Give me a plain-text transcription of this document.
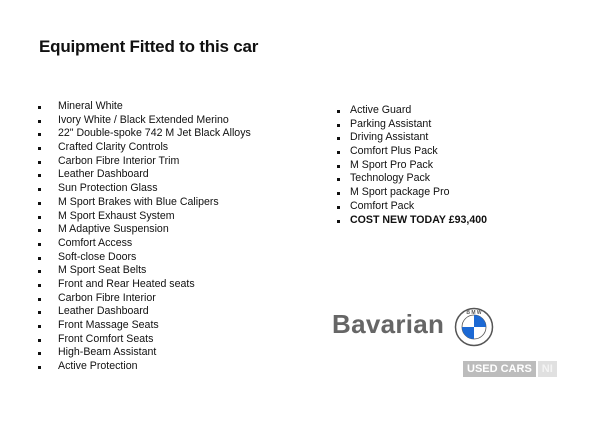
Equipment Fitted to this car
Mineral White
Ivory White / Black Extended Merino
22" Double-spoke 742 M Jet Black Alloys
Crafted Clarity Controls
Carbon Fibre Interior Trim
Leather Dashboard
Sun Protection Glass
M Sport Brakes with Blue Calipers
M Sport Exhaust System
M Adaptive Suspension
Comfort Access
Soft-close Doors
M Sport Seat Belts
Front and Rear Heated seats
Carbon Fibre Interior
Leather Dashboard
Front Massage Seats
Front Comfort Seats
High-Beam Assistant
Active Protection
Active Guard
Parking Assistant
Driving Assistant
Comfort Plus Pack
M Sport Pro Pack
Technology Pack
M Sport package Pro
Comfort Pack
COST NEW TODAY £93,400
Bavarian	B M W
USED CARS NI
